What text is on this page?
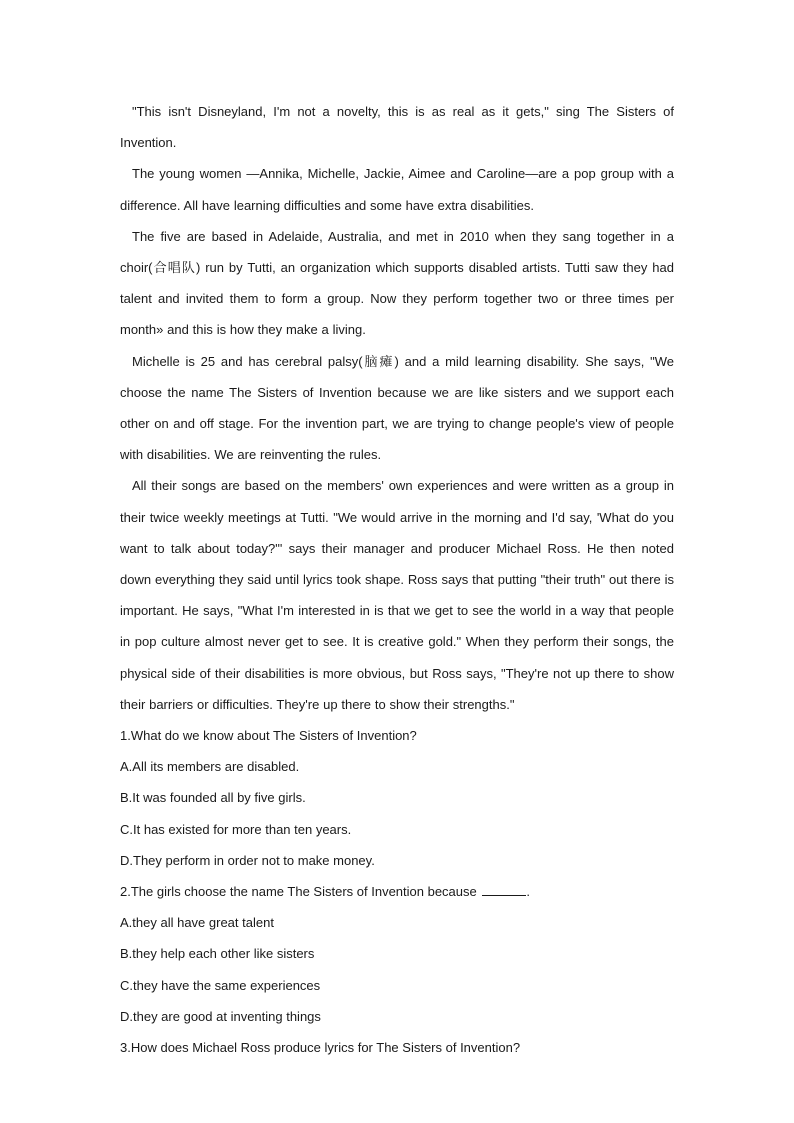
"This isn't Disneyland, I'm not a novelty, this is as real as it gets," sing The Sisters of Invention.

The young women —Annika, Michelle, Jackie, Aimee and Caroline—are a pop group with a difference. All have learning difficulties and some have extra disabilities.

The five are based in Adelaide, Australia, and met in 2010 when they sang together in a choir(合唱队) run by Tutti, an organization which supports disabled artists. Tutti saw they had talent and invited them to form a group. Now they perform together two or three times per month» and this is how they make a living.

Michelle is 25 and has cerebral palsy(脑瘫) and a mild learning disability. She says, "We choose the name The Sisters of Invention because we are like sisters and we support each other on and off stage. For the invention part, we are trying to change people's view of people with disabilities. We are reinventing the rules.

All their songs are based on the members' own experiences and were written as a group in their twice weekly meetings at Tutti. "We would arrive in the morning and I'd say, 'What do you want to talk about today?"' says their manager and producer Michael Ross. He then noted down everything they said until lyrics took shape. Ross says that putting "their truth" out there is important. He says, "What I'm interested in is that we get to see the world in a way that people in pop culture almost never get to see. It is creative gold." When they perform their songs, the physical side of their disabilities is more obvious, but Ross says, "They're not up there to show their barriers or difficulties. They're up there to show their strengths."

1.What do we know about The Sisters of Invention?

A.All its members are disabled.

B.It was founded all by five girls.

C.It has existed for more than ten years.

D.They perform in order not to make money.

2.The girls choose the name The Sisters of Invention because	.

A.they all have great talent

B.they help each other like sisters

C.they have the same experiences

D.they are good at inventing things

3.How does Michael Ross produce lyrics for The Sisters of Invention?
